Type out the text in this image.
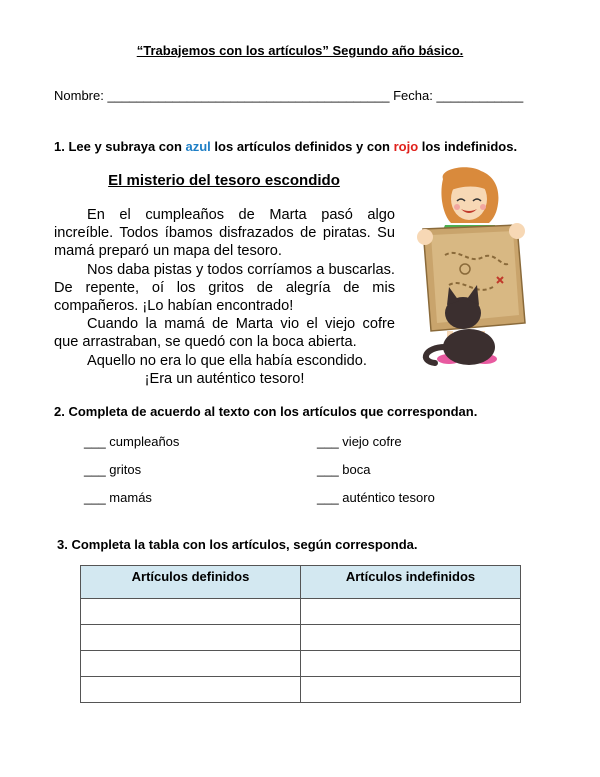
“Trabajemos con los artículos” Segundo año básico.
Nombre: _______________________________________ Fecha: ____________
1. Lee y subraya con azul los artículos definidos y con rojo los indefinidos.
El misterio del tesoro escondido

En el cumpleaños de Marta pasó algo increíble. Todos íbamos disfrazados de piratas. Su mamá preparó un mapa del tesoro.

Nos daba pistas y todos corríamos a buscarlas. De repente, oí los gritos de alegría de mis compañeros. ¡Lo habían encontrado!

Cuando la mamá de Marta vio el viejo cofre que arrastraban, se quedó con la boca abierta.

Aquello no era lo que ella había escondido.

¡Era un auténtico tesoro!

2. Completa de acuerdo al texto con los artículos que correspondan.
___ cumpleaños	___ viejo cofre
___ gritos	___ boca
___ mamás	___ auténtico tesoro
3. Completa la tabla con los artículos, según corresponda.
Artículos definidos	Artículos indefinidos
